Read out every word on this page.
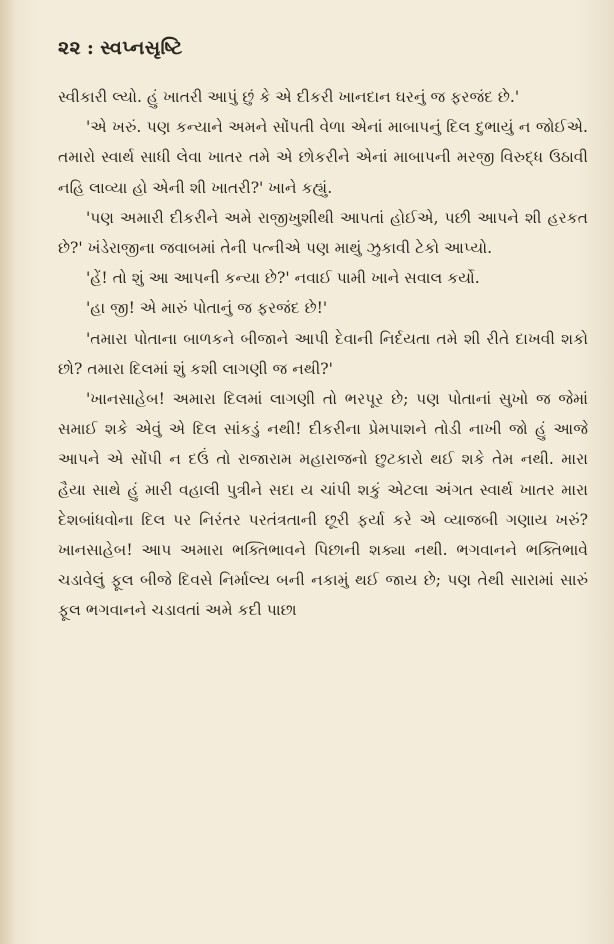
૨૨ : સ્વપ્નસૃષ્ટિ

સ્વીકારી લ્યો. હું ખાતરી આપું છું કે એ દીકરી ખાનદાન ઘરનું જ ફરજંદ છે.'

'એ ખરું. પણ કન્યાને અમને સોંપતી વેળા એનાં માબાપનું દિલ દુભાયું ન જોઈએ. તમારો સ્વાર્થ સાધી લેવા ખાતર તમે એ છોકરીને એનાં માબાપની મરજી વિરુદ્ધ ઉઠાવી નહિ લાવ્યા હો એની શી ખાતરી?' ખાને કહ્યું.

'પણ અમારી દીકરીને અમે રાજીખુશીથી આપતાં હોઈએ, પછી આપને શી હરકત છે?' ખંડેરાજીના જવાબમાં તેની પત્નીએ પણ માથું ઝુકાવી ટેકો આપ્યો.

'હેં! તો શું આ આપની કન્યા છે?' નવાઈ પામી ખાને સવાલ કર્યો.

'હા જી! એ મારું પોતાનું જ ફરજંદ છે!'

'તમારા પોતાના બાળકને બીજાને આપી દેવાની નિર્દયતા તમે શી રીતે દાખવી શકો છો? તમારા દિલમાં શું કશી લાગણી જ નથી?'

'ખાનસાહેબ! અમારા દિલમાં લાગણી તો ભરપૂર છે; પણ પોતાનાં સુખો જ જેમાં સમાઈ શકે એવું એ દિલ સાંકડું નથી! દીકરીના પ્રેમપાશને તોડી નાખી જો હું આજે આપને એ સોંપી ન દઉં તો રાજારામ મહારાજનો છુટકારો થઈ શકે તેમ નથી. મારા હૈયા સાથે હું મારી વહાલી પુત્રીને સદા ય ચાંપી શકું એટલા અંગત સ્વાર્થ ખાતર મારા દેશબાંધવોના દિલ પર નિરંતર પરતંત્રતાની છૂરી ફર્યા કરે એ વ્યાજબી ગણાય ખરું? ખાનસાહેબ! આપ અમારા ભક્તિભાવને પિછાની શક્યા નથી. ભગવાનને ભક્તિભાવે ચડાવેલું ફૂલ બીજે દિવસે નિર્માલ્ય બની નકામું થઈ જાય છે; પણ તેથી સારામાં સારું ફૂલ ભગવાનને ચડાવતાં અમે કદી પાછા
